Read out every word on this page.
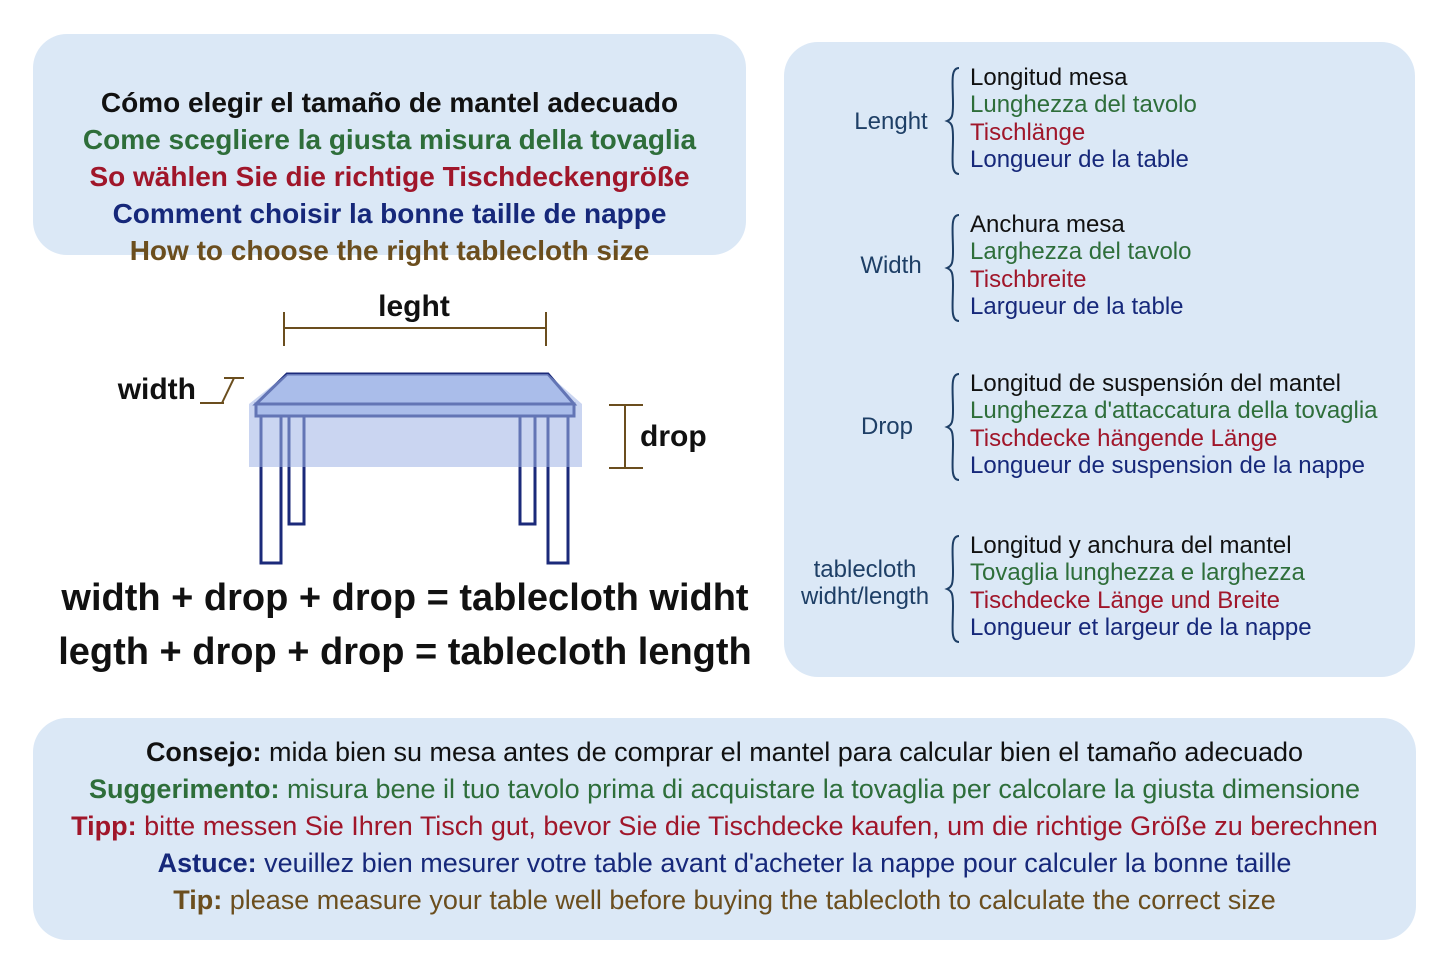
Cómo elegir el tamaño de mantel adecuado
Come scegliere la giusta misura della tovaglia
So wählen Sie die richtige Tischdeckengröße
Comment choisir la bonne taille de nappe
How to choose the right tablecloth size
leght
width
drop
width + drop + drop = tablecloth widht
legth + drop + drop = tablecloth length
Lenght
Longitud mesa
Lunghezza del tavolo
Tischlänge
Longueur de la table
Width
Anchura mesa
Larghezza del tavolo
Tischbreite
Largueur de la table
Drop
Longitud de suspensión del mantel
Lunghezza d'attaccatura della tovaglia
Tischdecke hängende Länge
Longueur de suspension de la nappe
tablecloth
widht/length
Longitud y anchura del mantel
Tovaglia lunghezza e larghezza
Tischdecke Länge und Breite
Longueur et largeur de la nappe
Consejo: mida bien su mesa antes de comprar el mantel para calcular bien el tamaño adecuado
Suggerimento: misura bene il tuo tavolo prima di acquistare la tovaglia per calcolare la giusta dimensione
Tipp: bitte messen Sie Ihren Tisch gut, bevor Sie die Tischdecke kaufen, um die richtige Größe zu berechnen
Astuce: veuillez bien mesurer votre table avant d'acheter la nappe pour calculer la bonne taille
Tip: please measure your table well before buying the tablecloth to calculate the correct size
